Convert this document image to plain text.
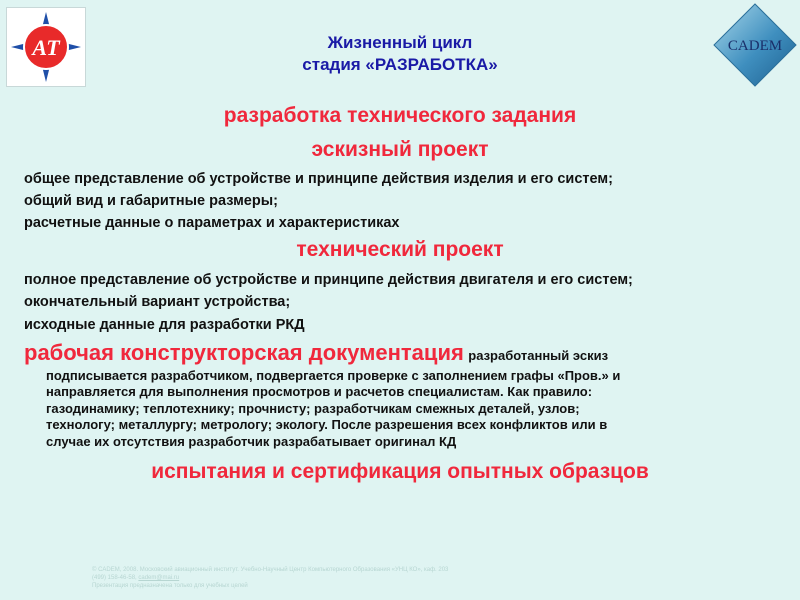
АТ	CADEM
Жизненный цикл
стадия «РАЗРАБОТКА»
разработка технического задания
эскизный проект
общее представление об устройстве и принципе действия изделия и его систем;
общий вид и габаритные размеры;
расчетные данные о параметрах и характеристиках
технический проект
полное представление об устройстве и принципе действия двигателя и его систем;
окончательный вариант устройства;
исходные данные для разработки РКД
рабочая конструкторская документация разработанный эскиз
подписывается разработчиком, подвергается проверке с заполнением графы «Пров.» и
направляется для выполнения просмотров и расчетов специалистам. Как правило:
газодинамику; теплотехнику; прочнисту; разработчикам смежных деталей, узлов;
технологу; металлургу; метрологу; экологу. После разрешения всех конфликтов или в
случае их отсутствия разработчик разрабатывает оригинал КД
испытания и сертификация опытных образцов
© CADEM, 2008. Московский авиационный институт. Учебно-Научный Центр Компьютерного Образования «УНЦ КО», каф. 203
(499) 158-46-58, cadem@mai.ru
Презентация предназначена только для учебных целей
